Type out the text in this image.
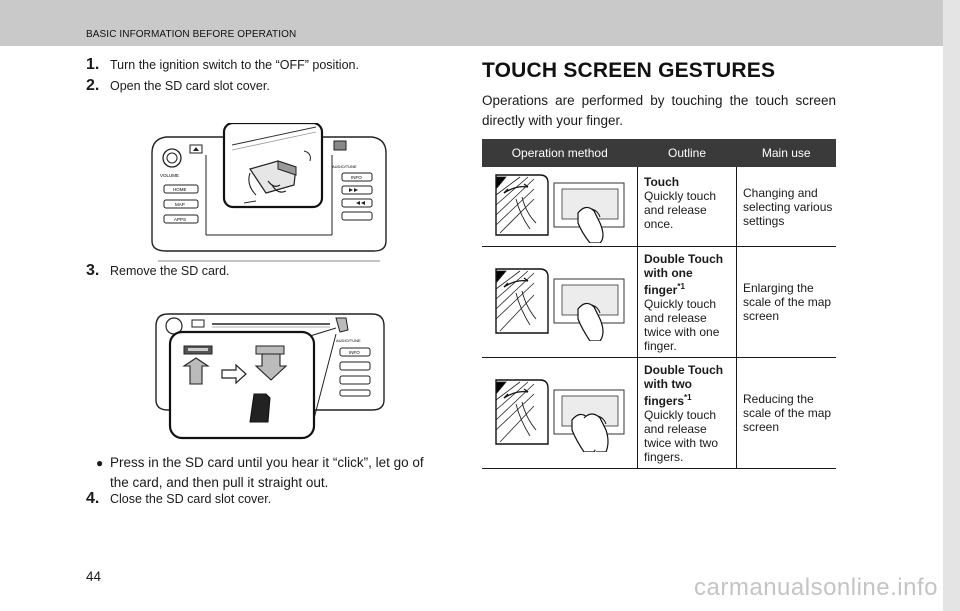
BASIC INFORMATION BEFORE OPERATION
1. Turn the ignition switch to the “OFF” position.
2. Open the SD card slot cover.
VOLUME
HOME
MAP
APPS
AUDIO/TUNE
INFO
3. Remove the SD card.
AUDIO/TUNE
INFO
● Press in the SD card until you hear it “click”, let go of
the card, and then pull it straight out.
4. Close the SD card slot cover.
TOUCH SCREEN GESTURES
Operations are performed by touching the touch screen directly with your finger.
Operation method	Outline	Main use

Touch
Quickly touch and release once.	Changing and selecting various settings

Double Touch with one finger$^{*1}$
Quickly touch and release twice with one finger.	Enlarging the scale of the map screen

Double Touch with two fingers$^{*1}$
Quickly touch and release twice with two fingers.	Reducing the scale of the map screen
44	carmanualsonline.info
